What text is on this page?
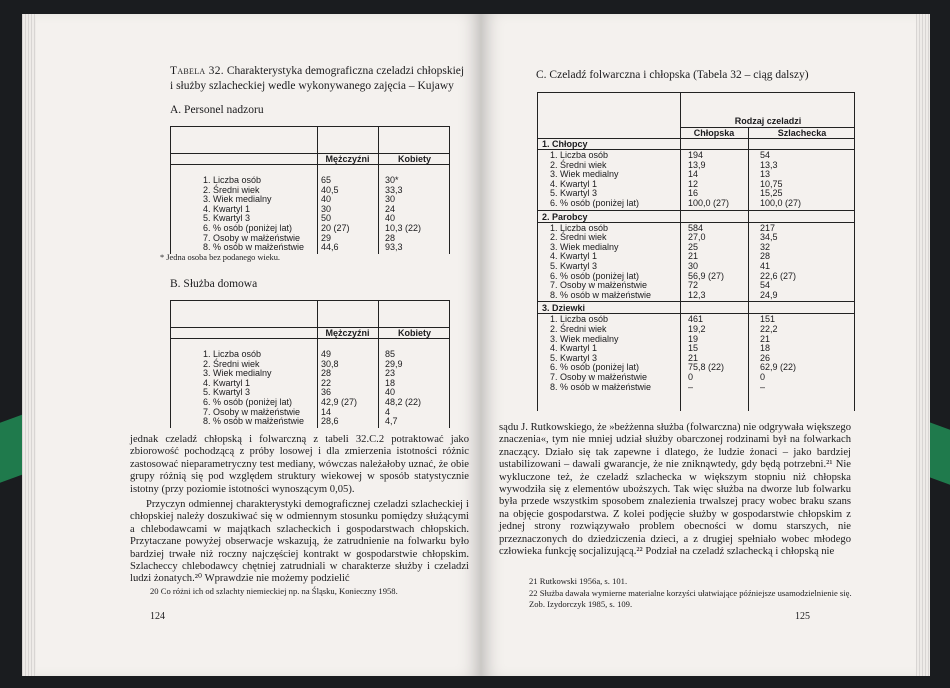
Tabela 32. Charakterystyka demograficzna czeladzi chłopskiej i służby szlacheckiej wedle wykonywanego zajęcia – Kujawy
A. Personel nadzoru
Mężczyźni	Kobiety
1. Liczba osób	65	30*
2. Średni wiek	40,5	33,3
3. Wiek medialny	40	30
4. Kwartyl 1	30	24
5. Kwartyl 3	50	40
6. % osób (poniżej lat)	20 (27)	10,3 (22)
7. Osoby w małżeństwie 29	28
8. % osób w małżeństwie 44,6	93,3
* Jedna osoba bez podanego wieku.
B. Służba domowa
Mężczyźni	Kobiety
1. Liczba osób	49	85
2. Średni wiek	30,8	29,9
3. Wiek medialny	28	23
4. Kwartyl 1	22	18
5. Kwartyl 3	36	40
6. % osób (poniżej lat)	42,9 (27)	48,2 (22)
7. Osoby w małżeństwie 14	4
8. % osób w małżeństwie 28,6	4,7
jednak czeladź chłopską i folwarczną z tabeli 32.C.2 potraktować jako zbiorowość pochodzącą z próby losowej i dla zmierzenia istotności różnic zastosować nieparametryczny test mediany, wówczas należałoby uznać, że obie grupy różnią się pod względem struktury wiekowej w sposób statystycznie istotny (przy poziomie istotności wynoszącym 0,05).
Przyczyn odmiennej charakterystyki demograficznej czeladzi szlacheckiej i chłopskiej należy doszukiwać się w odmiennym stosunku pomiędzy służącymi a chlebodawcami w majątkach szlacheckich i gospodarstwach chłopskich. Przytaczane powyżej obserwacje wskazują, że zatrudnienie na folwarku było bardziej trwałe niż roczny najczęściej kontrakt w gospodarstwie chłopskim. Szlacheccy chlebodawcy chętniej zatrudniali w charakterze służby i czeladzi ludzi żonatych.²⁰ Wprawdzie nie możemy podzielić
20 Co różni ich od szlachty niemieckiej np. na Śląsku, Konieczny 1958.
124
C. Czeladź folwarczna i chłopska (Tabela 32 – ciąg dalszy)
Rodzaj czeladzi
Chłopska	Szlachecka
1. Chłopcy
1. Liczba osób	194	54
2. Średni wiek	13,9	13,3
3. Wiek medialny	14	13
4. Kwartyl 1	12	10,75
5. Kwartyl 3	16	15,25
6. % osób (poniżej lat)	100,0 (27)	100,0 (27)
2. Parobcy
1. Liczba osób	584	217
2. Średni wiek	27,0	34,5
3. Wiek medialny	25	32
4. Kwartyl 1	21	28
5. Kwartyl 3	30	41
6. % osób (poniżej lat)	56,9 (27)	22,6 (27)
7. Osoby w małżeństwie	72	54
8. % osób w małżeństwie	12,3	24,9
3. Dziewki
1. Liczba osób	461	151
2. Średni wiek	19,2	22,2
3. Wiek medialny	19	21
4. Kwartyl 1	15	18
5. Kwartyl 3	21	26
6. % osób (poniżej lat)	75,8 (22)	62,9 (22)
7. Osoby w małżeństwie	0	0
8. % osób w małżeństwie	–	–
sądu J. Rutkowskiego, że »beżżenna służba (folwarczna) nie odgrywała większego znaczenia«, tym nie mniej udział służby obarczonej rodzinami był na folwarkach znaczący. Działo się tak zapewne i dlatego, że ludzie żonaci – jako bardziej ustabilizowani – dawali gwarancje, że nie zniknąwtedy, gdy będą potrzebni.²¹ Nie wykluczone też, że czeladź szlachecka w większym stopniu niż chłopska wywodziła się z elementów uboższych. Tak więc służba na dworze lub folwarku była przede wszystkim sposobem znalezienia trwalszej pracy wobec braku szans na objęcie gospodarstwa. Z kolei podjęcie służby w gospodarstwie chłopskim z jednej strony rozwiązywało problem obecności w domu starszych, nie przeznaczonych do dziedziczenia dzieci, a z drugiej spełniało wobec młodego człowieka funkcję socjalizującą.²² Podział na czeladź szlachecką i chłopską nie
21 Rutkowski 1956a, s. 101.
22 Służba dawała wymierne materialne korzyści ułatwiające późniejsze usamodzielnienie się. Zob. Izydorczyk 1985, s. 109.
125
